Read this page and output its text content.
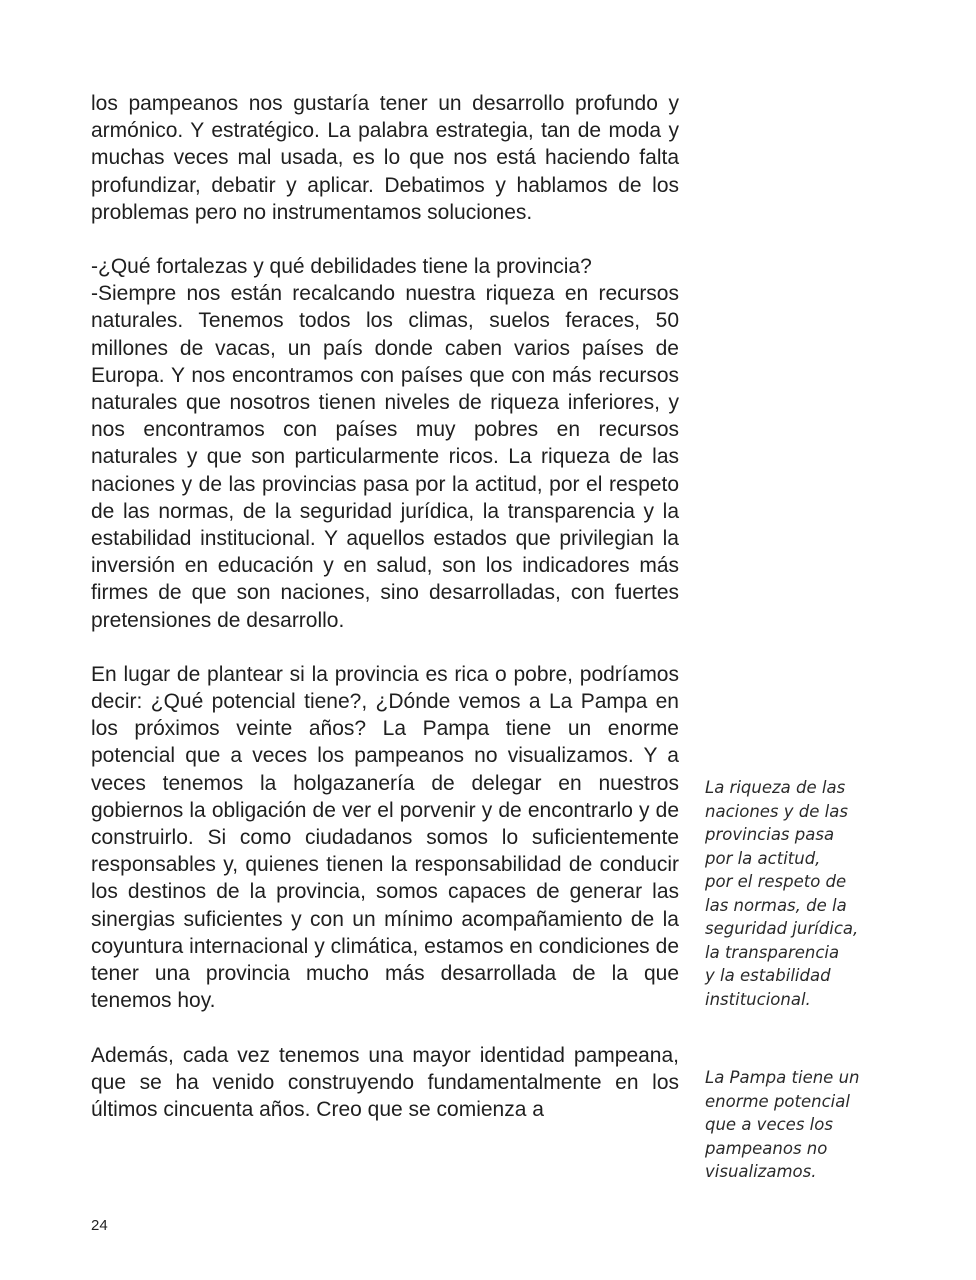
los pampeanos nos gustaría tener un desarrollo profundo y armónico. Y estratégico. La palabra estrategia, tan de moda y muchas veces mal usada, es lo que nos está haciendo falta profundizar, debatir y aplicar. Debatimos y hablamos de los problemas pero no instrumentamos soluciones.

-¿Qué fortalezas y qué debilidades tiene la provincia?

-Siempre nos están recalcando nuestra riqueza en recursos naturales. Tenemos todos los climas, suelos feraces, 50 millones de vacas, un país donde caben varios países de Europa. Y nos encontramos con países que con más recursos naturales que nosotros tienen niveles de riqueza inferiores, y nos encontramos con países muy pobres en recursos naturales y que son particularmente ricos. La riqueza de las naciones y de las provincias pasa por la actitud, por el respeto de las normas, de la seguridad jurídica, la transparencia y la estabilidad institucional. Y aquellos estados que privilegian la inversión en educación y en salud, son los indicadores más firmes de que son naciones, sino desarrolladas, con fuertes pretensiones de desarrollo.

En lugar de plantear si la provincia es rica o pobre, podríamos decir: ¿Qué potencial tiene?, ¿Dónde vemos a La Pampa en los próximos veinte años? La Pampa tiene un enorme potencial que a veces los pampeanos no visualizamos. Y a veces tenemos la holgazanería de delegar en nuestros gobiernos la obligación de ver el porvenir y de encontrarlo y de construirlo. Si como ciudadanos somos lo suficientemente responsables y, quienes tienen la responsabilidad de conducir los destinos de la provincia, somos capaces de generar las sinergias suficientes y con un mínimo acompañamiento de la coyuntura internacional y climática, estamos en condiciones de tener una provincia mucho más desarrollada de la que tenemos hoy.

Además, cada vez tenemos una mayor identidad pampeana, que se ha venido construyendo fundamentalmente en los últimos cincuenta años. Creo que se comienza a

La riqueza de las
naciones y de las
provincias pasa
por la actitud,
por el respeto de
las normas, de la
seguridad jurídica,
la transparencia
y la estabilidad
institucional.

La Pampa tiene un
enorme potencial
que a veces los
pampeanos no
visualizamos.

24
